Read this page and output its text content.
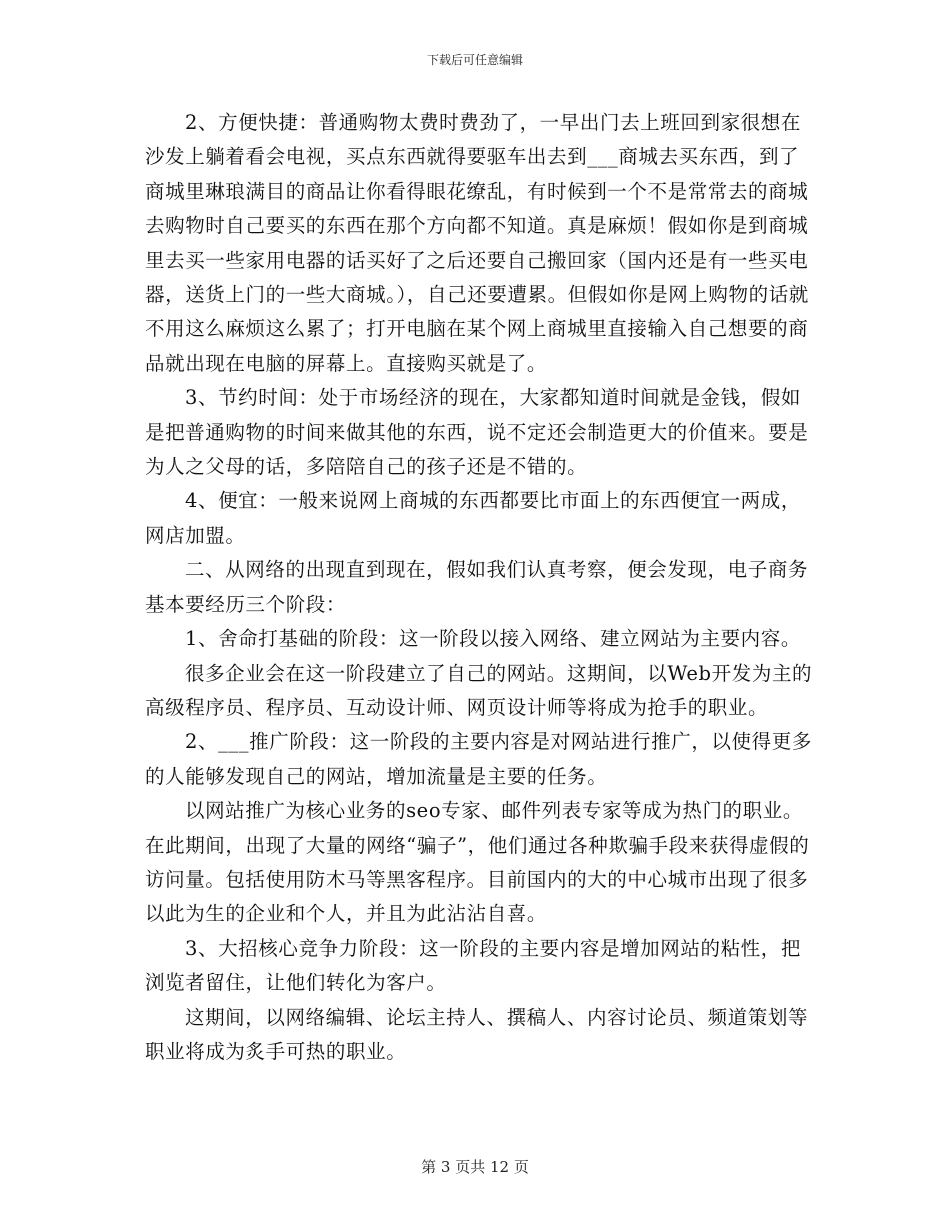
下载后可任意编辑

2、方便快捷：普通购物太费时费劲了，一早出门去上班回到家很想在沙发上躺着看会电视，买点东西就得要驱车出去到___商城去买东西，到了商城里琳琅满目的商品让你看得眼花缭乱，有时候到一个不是常常去的商城去购物时自己要买的东西在那个方向都不知道。真是麻烦！假如你是到商城里去买一些家用电器的话买好了之后还要自己搬回家（国内还是有一些买电器，送货上门的一些大商城。），自己还要遭累。但假如你是网上购物的话就不用这么麻烦这么累了；打开电脑在某个网上商城里直接输入自己想要的商品就出现在电脑的屏幕上。直接购买就是了。

3、节约时间：处于市场经济的现在，大家都知道时间就是金钱，假如是把普通购物的时间来做其他的东西，说不定还会制造更大的价值来。要是为人之父母的话，多陪陪自己的孩子还是不错的。

4、便宜：一般来说网上商城的东西都要比市面上的东西便宜一两成，网店加盟。

二、从网络的出现直到现在，假如我们认真考察，便会发现，电子商务基本要经历三个阶段：

1、舍命打基础的阶段：这一阶段以接入网络、建立网站为主要内容。

很多企业会在这一阶段建立了自己的网站。这期间，以Web开发为主的高级程序员、程序员、互动设计师、网页设计师等将成为抢手的职业。

2、___推广阶段：这一阶段的主要内容是对网站进行推广，以使得更多的人能够发现自己的网站，增加流量是主要的任务。

以网站推广为核心业务的seo专家、邮件列表专家等成为热门的职业。在此期间，出现了大量的网络“骗子”，他们通过各种欺骗手段来获得虚假的访问量。包括使用防木马等黑客程序。目前国内的大的中心城市出现了很多以此为生的企业和个人，并且为此沾沾自喜。

3、大招核心竞争力阶段：这一阶段的主要内容是增加网站的粘性，把浏览者留住，让他们转化为客户。

这期间，以网络编辑、论坛主持人、撰稿人、内容讨论员、频道策划等职业将成为炙手可热的职业。

第 3 页共 12 页
